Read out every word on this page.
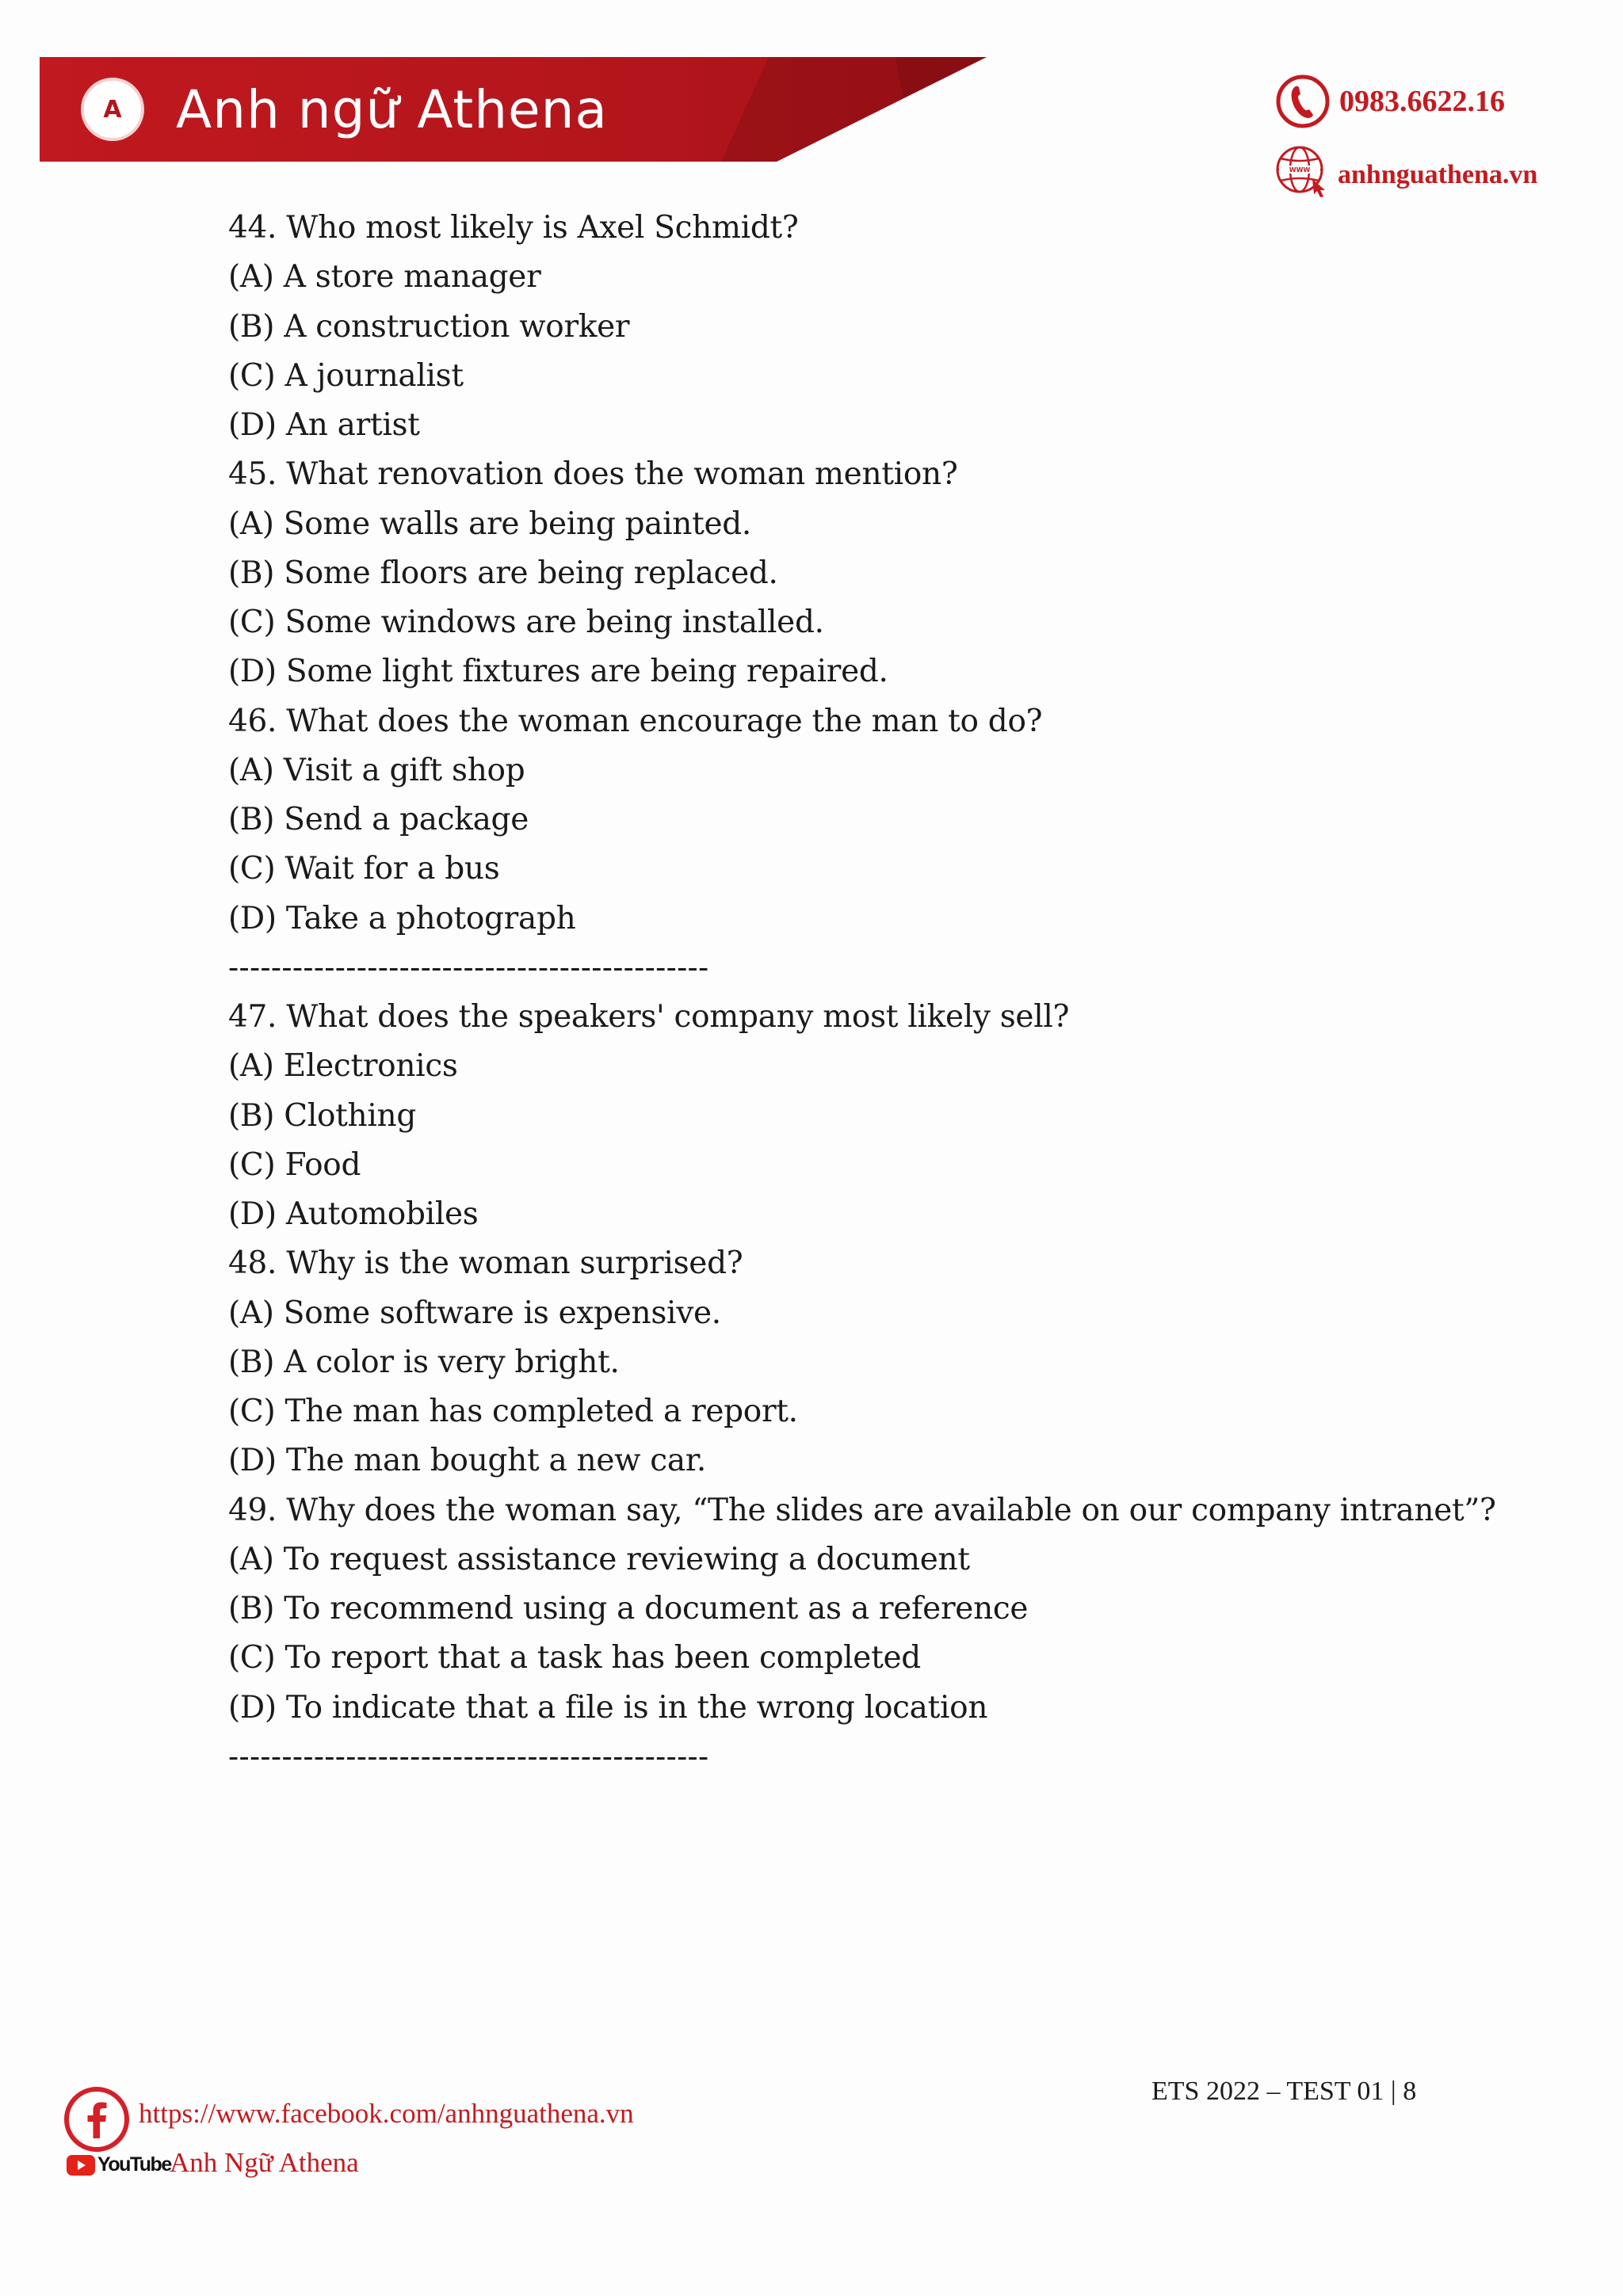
A Anh ngữ Athena	0983.6622.16
WWW anhnguathena.vn
44. Who most likely is Axel Schmidt?
(A) A store manager
(B) A construction worker
(C) A journalist
(D) An artist
45. What renovation does the woman mention?
(A) Some walls are being painted.
(B) Some floors are being replaced.
(C) Some windows are being installed.
(D) Some light fixtures are being repaired.
46. What does the woman encourage the man to do?
(A) Visit a gift shop
(B) Send a package
(C) Wait for a bus
(D) Take a photograph
---------------------------------------------
47. What does the speakers' company most likely sell?
(A) Electronics
(B) Clothing
(C) Food
(D) Automobiles
48. Why is the woman surprised?
(A) Some software is expensive.
(B) A color is very bright.
(C) The man has completed a report.
(D) The man bought a new car.
49. Why does the woman say, “The slides are available on our company intranet”?
(A) To request assistance reviewing a document
(B) To recommend using a document as a reference
(C) To report that a task has been completed
(D) To indicate that a file is in the wrong location
---------------------------------------------
ETS 2022 – TEST 01 | 8
https://www.facebook.com/anhnguathena.vn
YouTube
Anh Ngữ Athena
